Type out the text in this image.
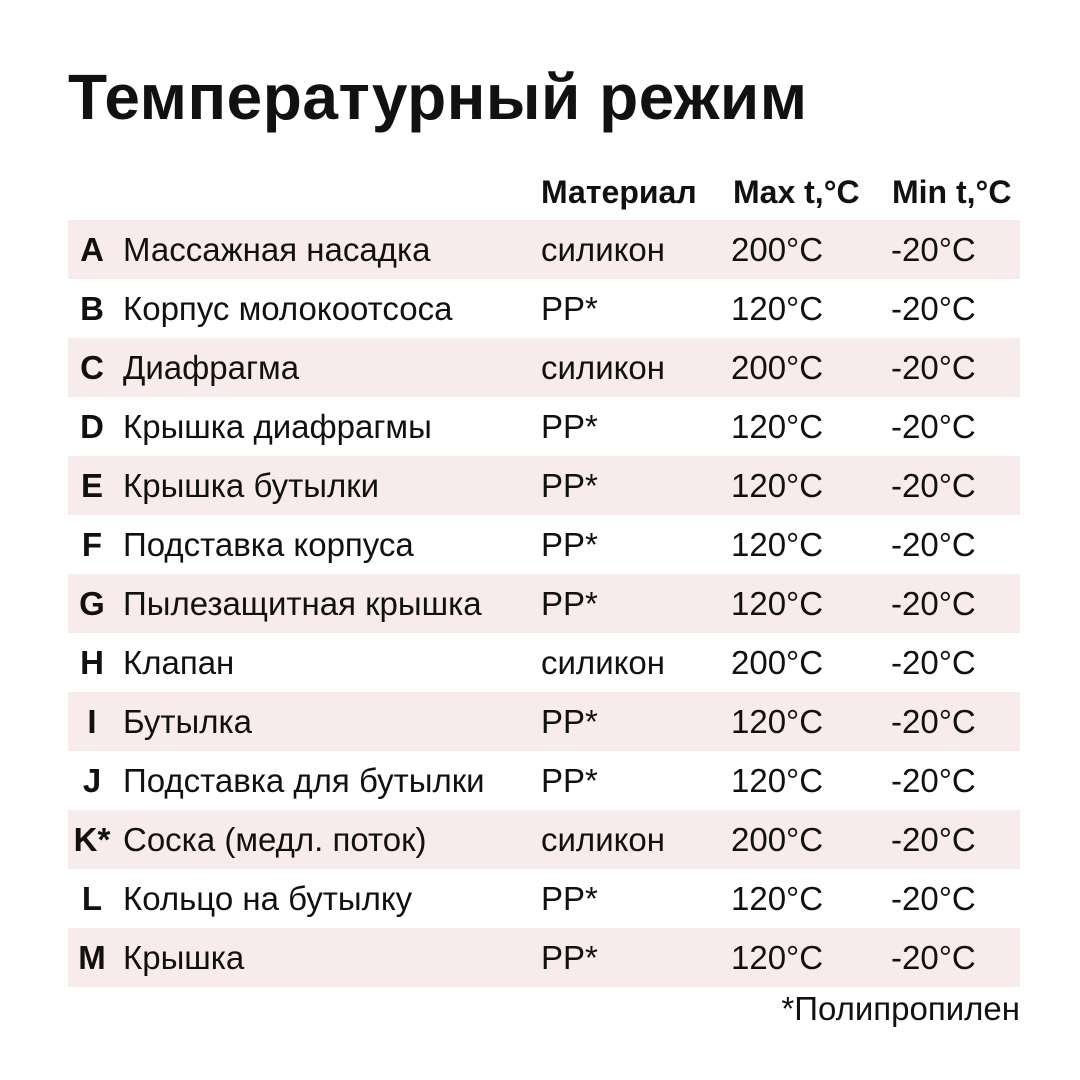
Температурный режим
Материал Max t,°C Min t,°C
A Массажная насадка	силикон 200°C -20°C
B Корпус молокоотсоса	PP*	120°C -20°C
C Диафрагма	силикон 200°C -20°C
D Крышка диафрагмы	PP*	120°C -20°C
E Крышка бутылки	PP*	120°C -20°C
F Подставка корпуса	PP*	120°C -20°C
G Пылезащитная крышка PP*	120°C -20°C
H Клапан	силикон 200°C -20°C
I Бутылка	PP*	120°C -20°C
J Подставка для бутылки PP*	120°C -20°C
K* Соска (медл. поток)	силикон 200°C -20°C
L Кольцо на бутылку	PP*	120°C -20°C
M Крышка	PP*	120°C -20°C
*Полипропилен
